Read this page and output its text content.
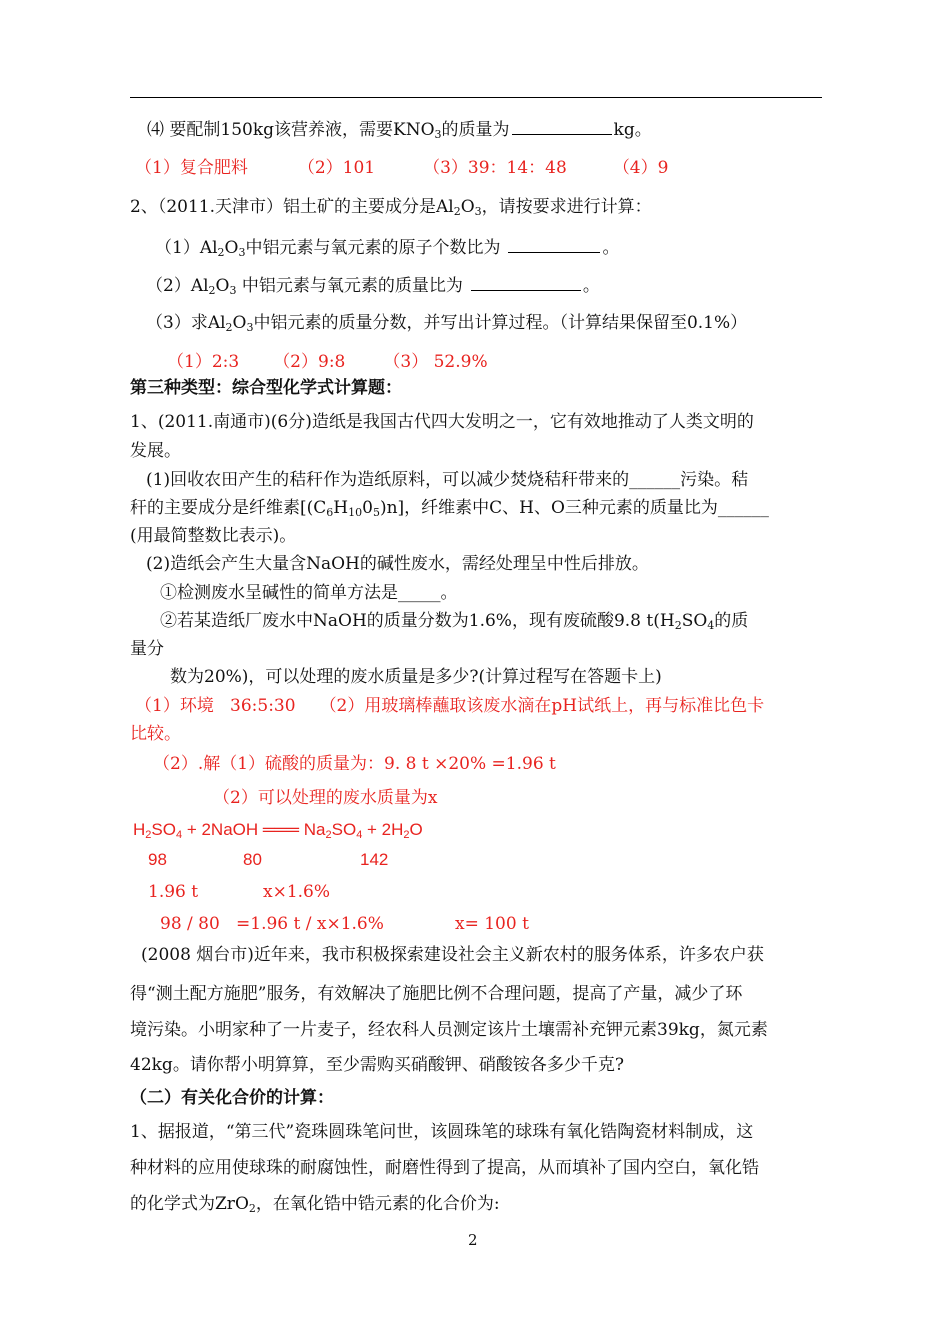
⑷ 要配制150kg该营养液，需要$KNO_3$的质量为	kg。
（1）复合肥料	（2）101	（3）39：14：48	（4）9
2、（2011.天津市）铝土矿的主要成分是$Al_2O_3$，请按要求进行计算：
$(1)Al_2O_3$中铝元素与氧元素的原子个数比为	。
$(2)Al_2O_3$ 中铝元素与氧元素的质量比为	。
（3）求$Al_2O_3$中铝元素的质量分数，并写出计算过程。（计算结果保留至0.1%）
（1）2:3 （2）9:8 （3） 52.9%
第三种类型：综合型化学式计算题：
1、(2011.南通市)(6分)造纸是我国古代四大发明之一，它有效地推动了人类文明的
发展。
(1)回收农田产生的秸秆作为造纸原料，可以减少焚烧秸秆带来的______污染。秸
秆的主要成分是纤维素$[(C_6H_{10}0_5)n]$，纤维素中C、H、O三种元素的质量比为______
(用最简整数比表示)。
(2)造纸会产生大量含NaOH的碱性废水，需经处理呈中性后排放。
①检测废水呈碱性的简单方法是_____。
②若某造纸厂废水中NaOH的质量分数为1.6%，现有废硫酸9.8 $t(H_2SO_4$的质
量分
数为20%)，可以处理的废水质量是多少?(计算过程写在答题卡上)
（1）环境   36:5:30 （2）用玻璃棒蘸取该废水滴在pH试纸上，再与标准比色卡
比较。
（2）.解（1）硫酸的质量为：9. 8 t ×20% =1.96 t
（2）可以处理的废水质量为x
$H_2SO_4$ + 2NaOH ═══ $Na_2SO_4 + 2H_2O$
98	80	142
1.96 t	x×1.6%
98 / 80   =1.96 t / x×1.6%	x= 100 t
(2008 烟台市)近年来，我市积极探索建设社会主义新农村的服务体系，许多农户获
得“测土配方施肥”服务，有效解决了施肥比例不合理问题，提高了产量，减少了环
境污染。小明家种了一片麦子，经农科人员测定该片土壤需补充钾元素39kg，氮元素
42kg。请你帮小明算算，至少需购买硝酸钾、硝酸铵各多少千克?
（二）有关化合价的计算：
1、据报道，“第三代”瓷珠圆珠笔问世，该圆珠笔的球珠有氧化锆陶瓷材料制成，这
种材料的应用使球珠的耐腐蚀性，耐磨性得到了提高，从而填补了国内空白，氧化锆
的化学式为ZrO$_2$，在氧化锆中锆元素的化合价为:
2
